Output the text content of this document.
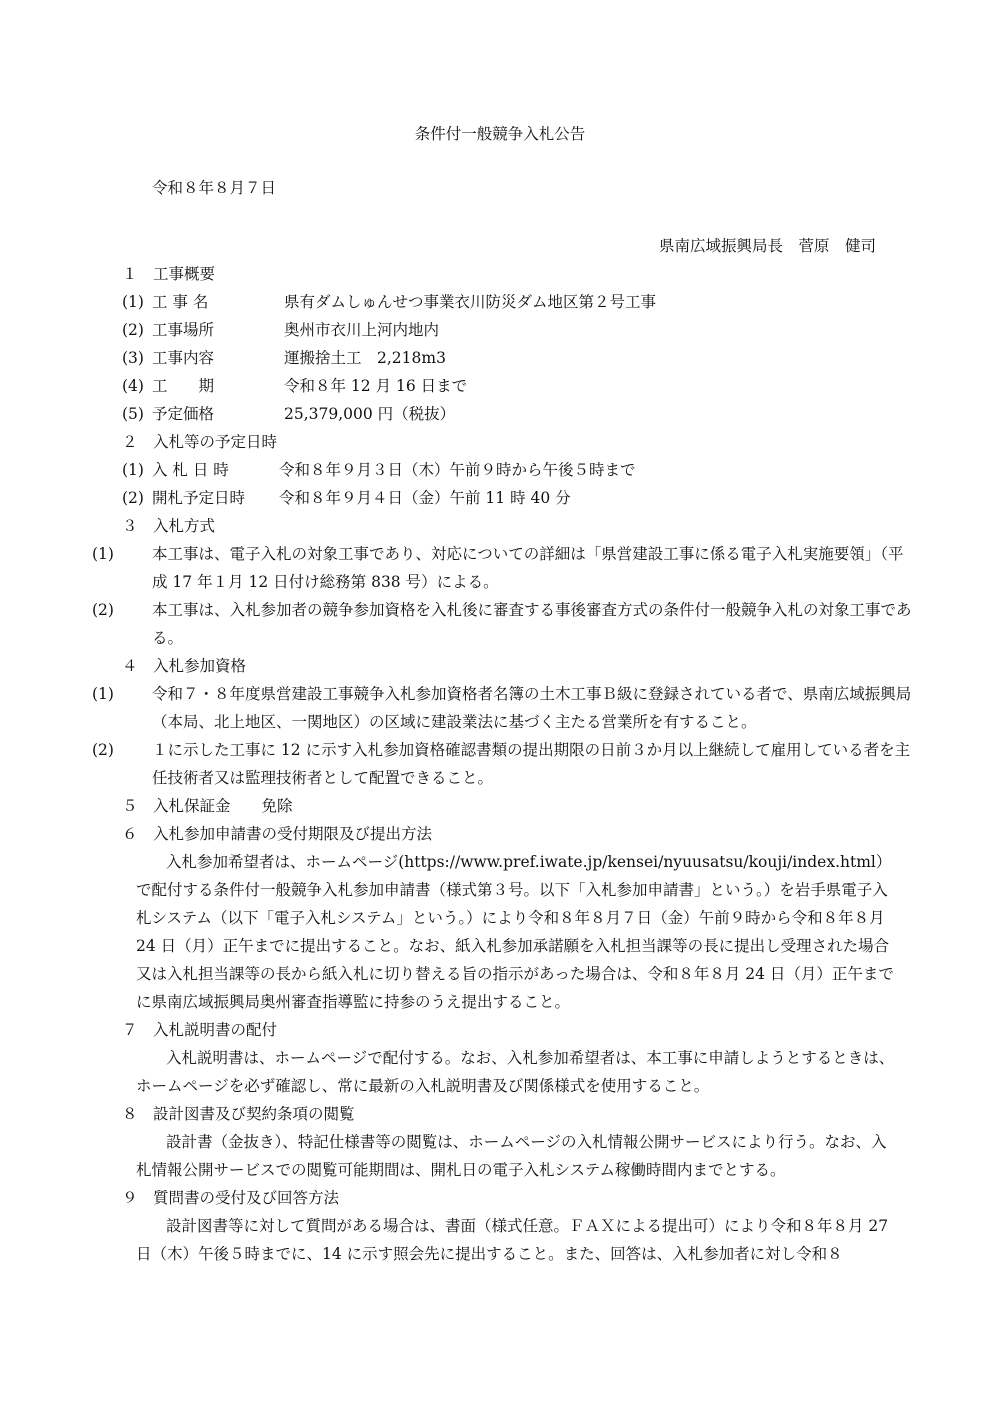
条件付一般競争入札公告
令和８年８月７日
県南広域振興局長　菅原　健司
１　工事概要
(1) 工 事 名	県有ダムしゅんせつ事業衣川防災ダム地区第２号工事
(2) 工事場所	奥州市衣川上河内地内
(3) 工事内容	運搬捨土工　2,218m3
(4) 工　　期	令和８年 12 月 16 日まで
(5) 予定価格	25,379,000 円（税抜）
２　入札等の予定日時
(1) 入 札 日 時	令和８年９月３日（木）午前９時から午後５時まで
(2) 開札予定日時 令和８年９月４日（金）午前 11 時 40 分
３　入札方式
(1) 本工事は、電子入札の対象工事であり、対応についての詳細は「県営建設工事に係る電子入札実施要領」（平成 17 年１月 12 日付け総務第 838 号）による。
(2) 本工事は、入札参加者の競争参加資格を入札後に審査する事後審査方式の条件付一般競争入札の対象工事である。
４　入札参加資格
(1) 令和７・８年度県営建設工事競争入札参加資格者名簿の土木工事Ｂ級に登録されている者で、県南広域振興局（本局、北上地区、一関地区）の区域に建設業法に基づく主たる営業所を有すること。
(2) １に示した工事に 12 に示す入札参加資格確認書類の提出期限の日前３か月以上継続して雇用している者を主任技術者又は監理技術者として配置できること。
５　入札保証金　　免除
６　入札参加申請書の受付期限及び提出方法
入札参加希望者は、ホームページ(https://www.pref.iwate.jp/kensei/nyuusatsu/kouji/index.html）で配付する条件付一般競争入札参加申請書（様式第３号。以下「入札参加申請書」という。）を岩手県電子入札システム（以下「電子入札システム」という。）により令和８年８月７日（金）午前９時から令和８年８月 24 日（月）正午までに提出すること。なお、紙入札参加承諾願を入札担当課等の長に提出し受理された場合又は入札担当課等の長から紙入札に切り替える旨の指示があった場合は、令和８年８月 24 日（月）正午までに県南広域振興局奥州審査指導監に持参のうえ提出すること。
７　入札説明書の配付
入札説明書は、ホームページで配付する。なお、入札参加希望者は、本工事に申請しようとするときは、ホームページを必ず確認し、常に最新の入札説明書及び関係様式を使用すること。
８　設計図書及び契約条項の閲覧
設計書（金抜き）、特記仕様書等の閲覧は、ホームページの入札情報公開サービスにより行う。なお、入札情報公開サービスでの閲覧可能期間は、開札日の電子入札システム稼働時間内までとする。
９　質問書の受付及び回答方法
設計図書等に対して質問がある場合は、書面（様式任意。ＦＡＸによる提出可）により令和８年８月 27 日（木）午後５時までに、14 に示す照会先に提出すること。また、回答は、入札参加者に対し令和８
